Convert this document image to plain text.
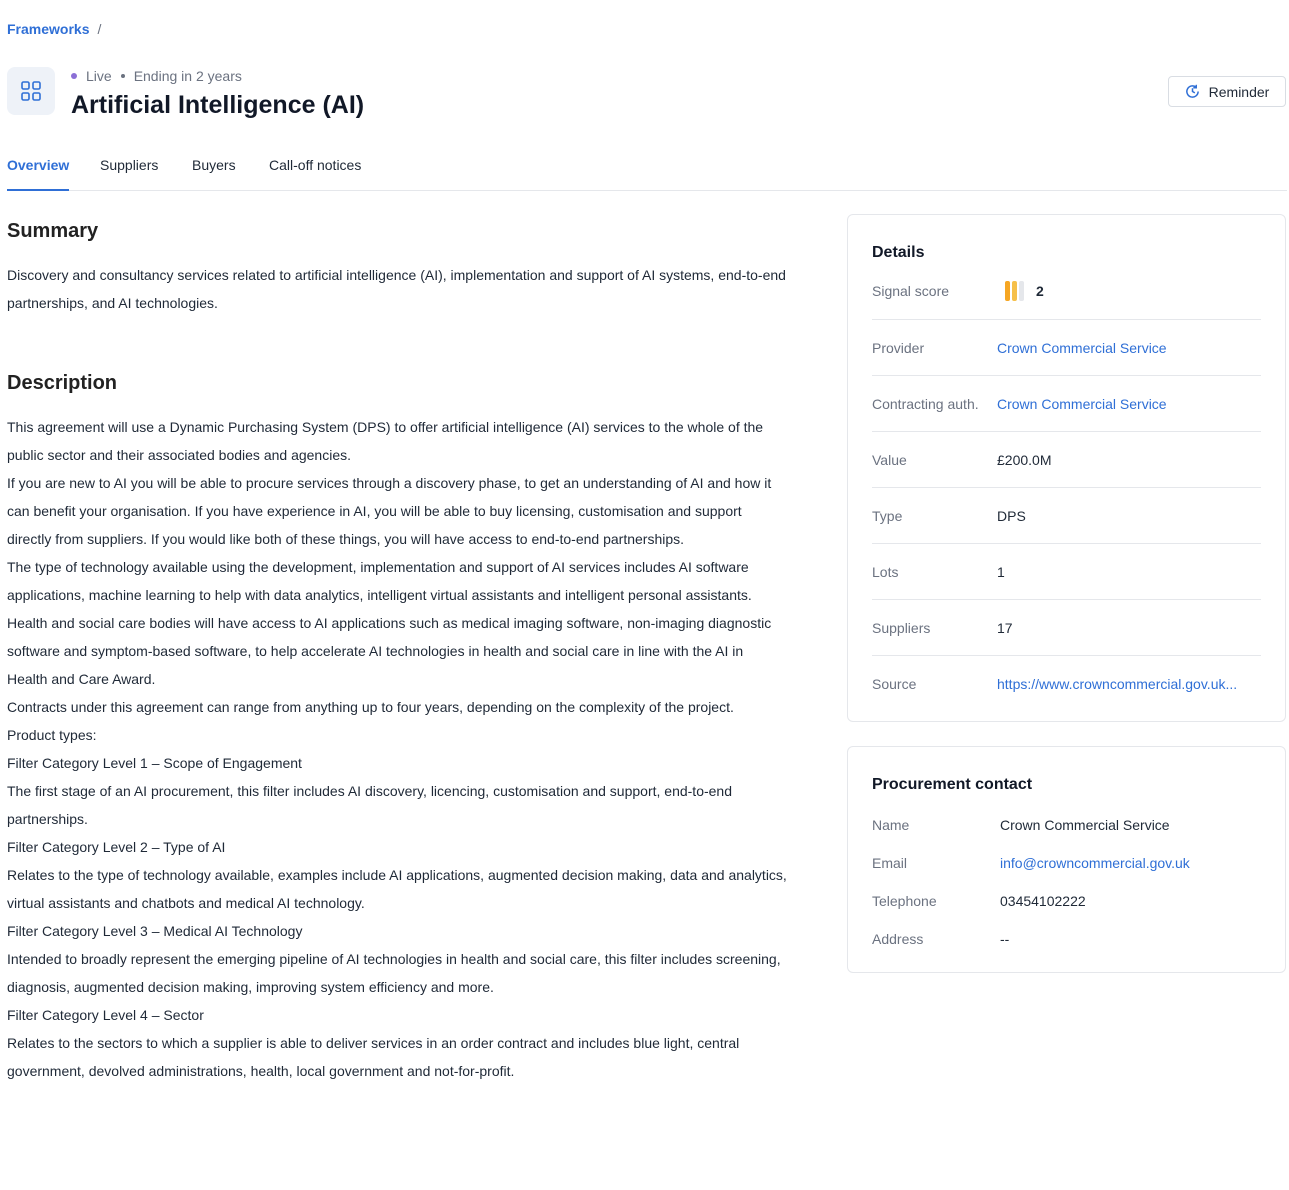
Frameworks /
Live Ending in 2 years
Artificial Intelligence (AI)	Reminder
Overview Suppliers Buyers Call-off notices
Summary

Discovery and consultancy services related to artificial intelligence (AI), implementation and support of AI systems, end-to-end partnerships, and AI technologies.

Description

This agreement will use a Dynamic Purchasing System (DPS) to offer artificial intelligence (AI) services to the whole of the public sector and their associated bodies and agencies.

If you are new to AI you will be able to procure services through a discovery phase, to get an understanding of AI and how it can benefit your organisation. If you have experience in AI, you will be able to buy licensing, customisation and support directly from suppliers. If you would like both of these things, you will have access to end-to-end partnerships.

The type of technology available using the development, implementation and support of AI services includes AI software applications, machine learning to help with data analytics, intelligent virtual assistants and intelligent personal assistants.

Health and social care bodies will have access to AI applications such as medical imaging software, non-imaging diagnostic software and symptom-based software, to help accelerate AI technologies in health and social care in line with the AI in Health and Care Award.

Contracts under this agreement can range from anything up to four years, depending on the complexity of the project.

Product types:

Filter Category Level 1 – Scope of Engagement

The first stage of an AI procurement, this filter includes AI discovery, licencing, customisation and support, end-to-end partnerships.

Filter Category Level 2 – Type of AI

Relates to the type of technology available, examples include AI applications, augmented decision making, data and analytics, virtual assistants and chatbots and medical AI technology.

Filter Category Level 3 – Medical AI Technology

Intended to broadly represent the emerging pipeline of AI technologies in health and social care, this filter includes screening, diagnosis, augmented decision making, improving system efficiency and more.

Filter Category Level 4 – Sector

Relates to the sectors to which a supplier is able to deliver services in an order contract and includes blue light, central government, devolved administrations, health, local government and not-for-profit.

Details
Signal score	2
Provider	Crown Commercial Service
Contracting auth.	Crown Commercial Service
Value	£200.0M
Type	DPS
Lots	1
Suppliers	17
Source	https://www.crowncommercial.gov.uk...
Procurement contact
Name	Crown Commercial Service
Email	info@crowncommercial.gov.uk
Telephone	03454102222
Address	--
